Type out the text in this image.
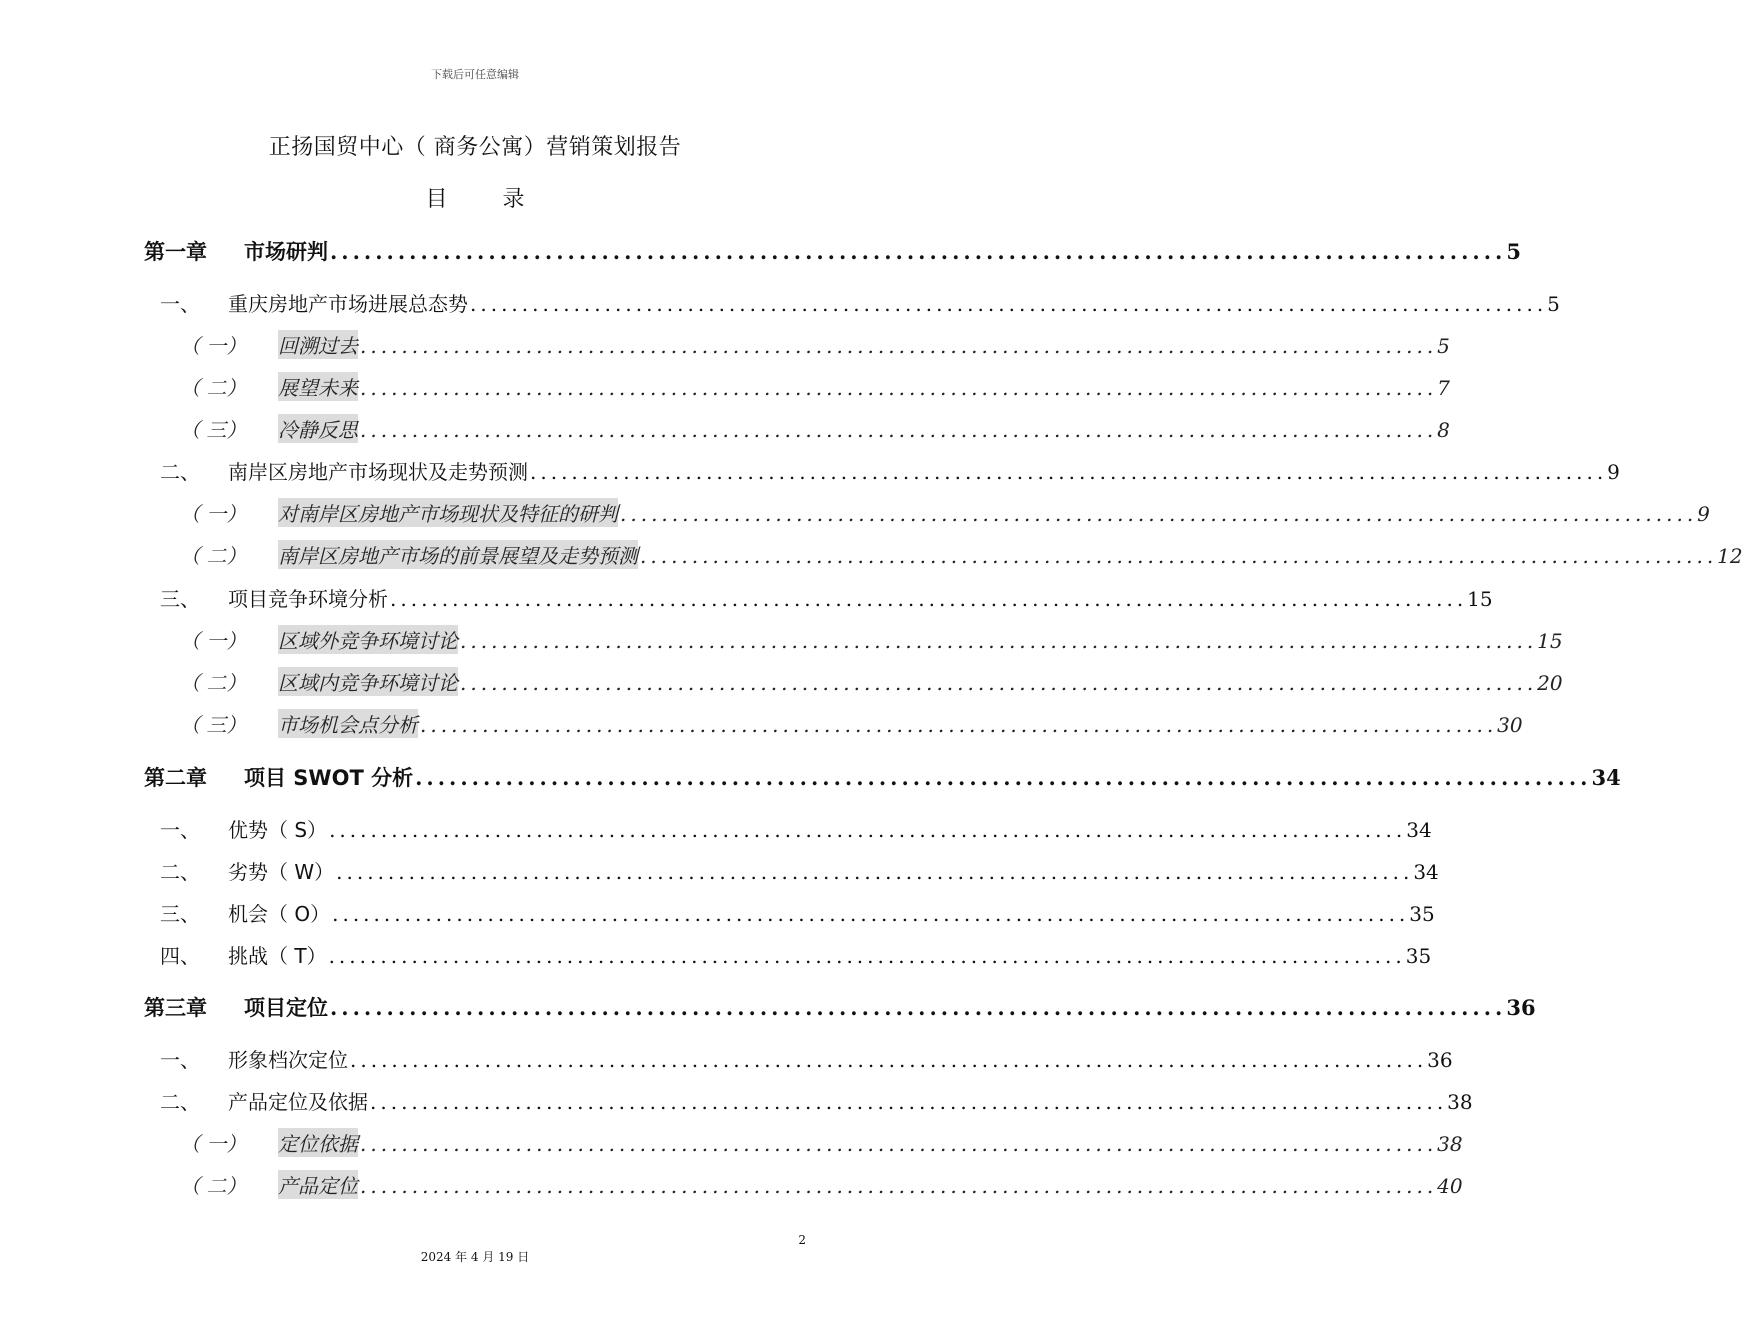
下载后可任意编辑
正扬国贸中心（ 商务公寓）营销策划报告
目 录
第一章	市场研判 ........................................................................................................ 5
一、	重庆房地产市场进展总态势 ........................................................................................................ 5
（ 一）	回溯过去 ........................................................................................................ 5
（ 二）	展望未来 ........................................................................................................ 7
（ 三）	冷静反思 ........................................................................................................ 8
二、	南岸区房地产市场现状及走势预测 ........................................................................................................ 9
（ 一）	对南岸区房地产市场现状及特征的研判 ........................................................................................................ 9
（ 二）	南岸区房地产市场的前景展望及走势预测 ........................................................................................................ 12
三、	项目竞争环境分析 ........................................................................................................ 15
（ 一）	区域外竞争环境讨论 ........................................................................................................ 15
（ 二）	区域内竞争环境讨论 ........................................................................................................ 20
（ 三）	市场机会点分析 ........................................................................................................ 30
第二章	项目 SWOT 分析 ........................................................................................................ 34
一、	优势（ S） ........................................................................................................ 34
二、	劣势（ W） ........................................................................................................ 34
三、	机会（ O） ........................................................................................................ 35
四、	挑战（ T） ........................................................................................................ 35
第三章	项目定位 ........................................................................................................ 36
一、	形象档次定位 ........................................................................................................ 36
二、	产品定位及依据 ........................................................................................................ 38
（ 一）	定位依据 ........................................................................................................ 38
（ 二）	产品定位 ........................................................................................................ 40
2
2024 年 4 月 19 日
